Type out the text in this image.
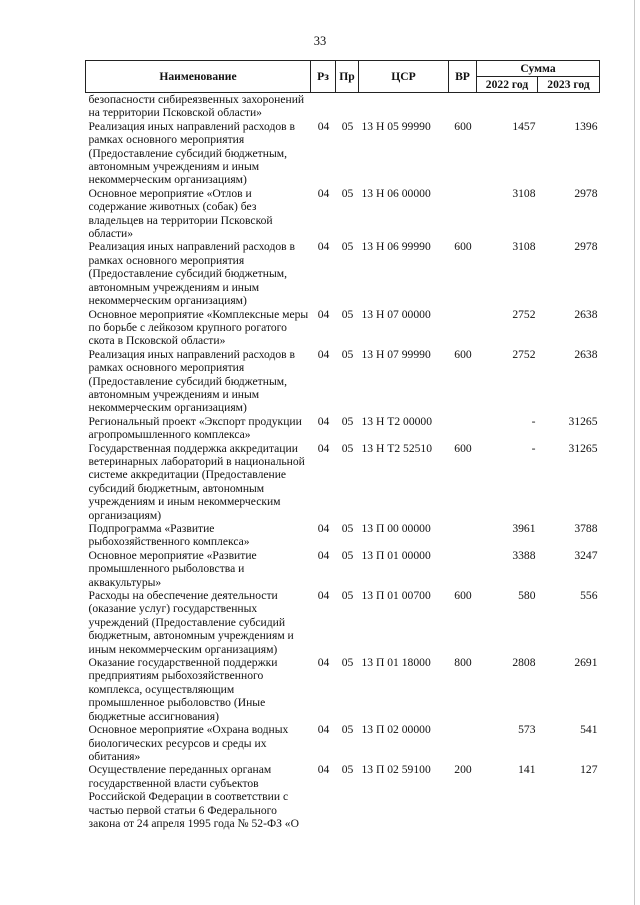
33
Наименование	Рз	Пр	ЦСР	ВР	Сумма	
					2022 год	2023 год
безопасности сибиреязвенных захоронений на территории Псковской области»						
Реализация иных направлений расходов в рамках основного мероприятия (Предоставление субсидий бюджетным, автономным учреждениям и иным некоммерческим организациям)	04	05	13 Н 05 99990	600	1457	1396
Основное мероприятие «Отлов и содержание животных (собак) без владельцев на территории Псковской области»	04	05	13 Н 06 00000		3108	2978
Реализация иных направлений расходов в рамках основного мероприятия (Предоставление субсидий бюджетным, автономным учреждениям и иным некоммерческим организациям)	04	05	13 Н 06 99990	600	3108	2978
Основное мероприятие «Комплексные меры по борьбе с лейкозом крупного рогатого скота в Псковской области»	04	05	13 Н 07 00000		2752	2638
Реализация иных направлений расходов в рамках основного мероприятия (Предоставление субсидий бюджетным, автономным учреждениям и иным некоммерческим организациям)	04	05	13 Н 07 99990	600	2752	2638
Региональный проект «Экспорт продукции агропромышленного комплекса»	04	05	13 Н Т2 00000		-	31265
Государственная поддержка аккредитации ветеринарных лабораторий в национальной системе аккредитации (Предоставление субсидий бюджетным, автономным учреждениям и иным некоммерческим организациям)	04	05	13 Н Т2 52510	600	-	31265
Подпрограмма «Развитие рыбохозяйственного комплекса»	04	05	13 П 00 00000		3961	3788
Основное мероприятие «Развитие промышленного рыболовства и аквакультуры»	04	05	13 П 01 00000		3388	3247
Расходы на обеспечение деятельности (оказание услуг) государственных учреждений (Предоставление субсидий бюджетным, автономным учреждениям и иным некоммерческим организациям)	04	05	13 П 01 00700	600	580	556
Оказание государственной поддержки предприятиям рыбохозяйственного комплекса, осуществляющим промышленное рыболовство (Иные бюджетные ассигнования)	04	05	13 П 01 18000	800	2808	2691
Основное мероприятие «Охрана водных биологических ресурсов и среды их обитания»	04	05	13 П 02 00000		573	541
Осуществление переданных органам государственной власти субъектов Российской Федерации в соответствии с частью первой статьи 6 Федерального закона от 24 апреля 1995 года № 52-ФЗ «О	04	05	13 П 02 59100	200	141	127
